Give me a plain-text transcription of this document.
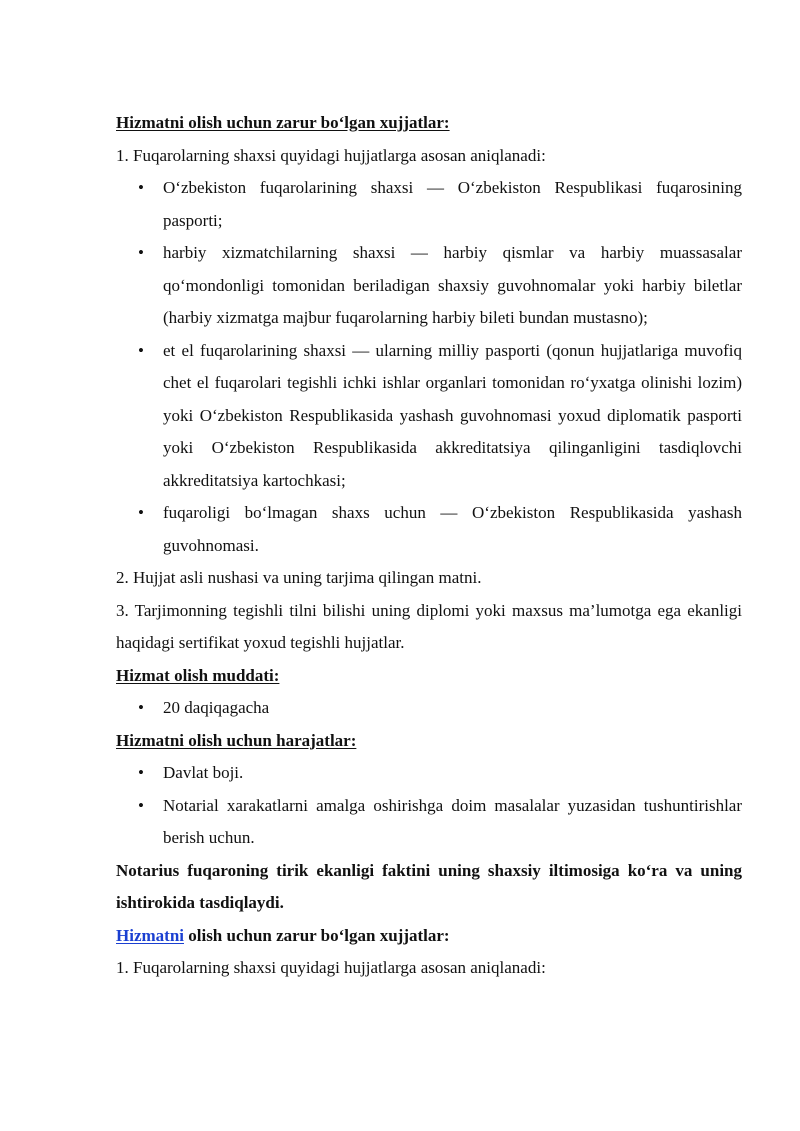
Hizmatni olish uchun zarur bo‘lgan xujjatlar:

1. Fuqarolarning shaxsi quyidagi hujjatlarga asosan aniqlanadi:

• O‘zbekiston fuqarolarining shaxsi — O‘zbekiston Respublikasi fuqarosining pasporti;
• harbiy xizmatchilarning shaxsi — harbiy qismlar va harbiy muassasalar qo‘mondonligi tomonidan beriladigan shaxsiy guvohnomalar yoki harbiy biletlar (harbiy xizmatga majbur fuqarolarning harbiy bileti bundan mustasno);
• et el fuqarolarining shaxsi — ularning milliy pasporti (qonun hujjatlariga muvofiq chet el fuqarolari tegishli ichki ishlar organlari tomonidan ro‘yxatga olinishi lozim) yoki O‘zbekiston Respublikasida yashash guvohnomasi yoxud diplomatik pasporti yoki O‘zbekiston Respublikasida akkreditatsiya qilinganligini tasdiqlovchi akkreditatsiya kartochkasi;
• fuqaroligi bo‘lmagan shaxs uchun — O‘zbekiston Respublikasida yashash guvohnomasi.

2. Hujjat asli nushasi va uning tarjima qilingan matni.

3. Tarjimonning tegishli tilni bilishi uning diplomi yoki maxsus ma’lumotga ega ekanligi haqidagi sertifikat yoxud tegishli hujjatlar.

Hizmat olish muddati:

• 20 daqiqagacha

Hizmatni olish uchun harajatlar:

• Davlat boji.
• Notarial xarakatlarni amalga oshirishga doim masalalar yuzasidan tushuntirishlar berish uchun.

Notarius fuqaroning tirik ekanligi faktini uning shaxsiy iltimosiga ko‘ra va uning ishtirokida tasdiqlaydi.

Hizmatni olish uchun zarur bo‘lgan xujjatlar:

1. Fuqarolarning shaxsi quyidagi hujjatlarga asosan aniqlanadi:
